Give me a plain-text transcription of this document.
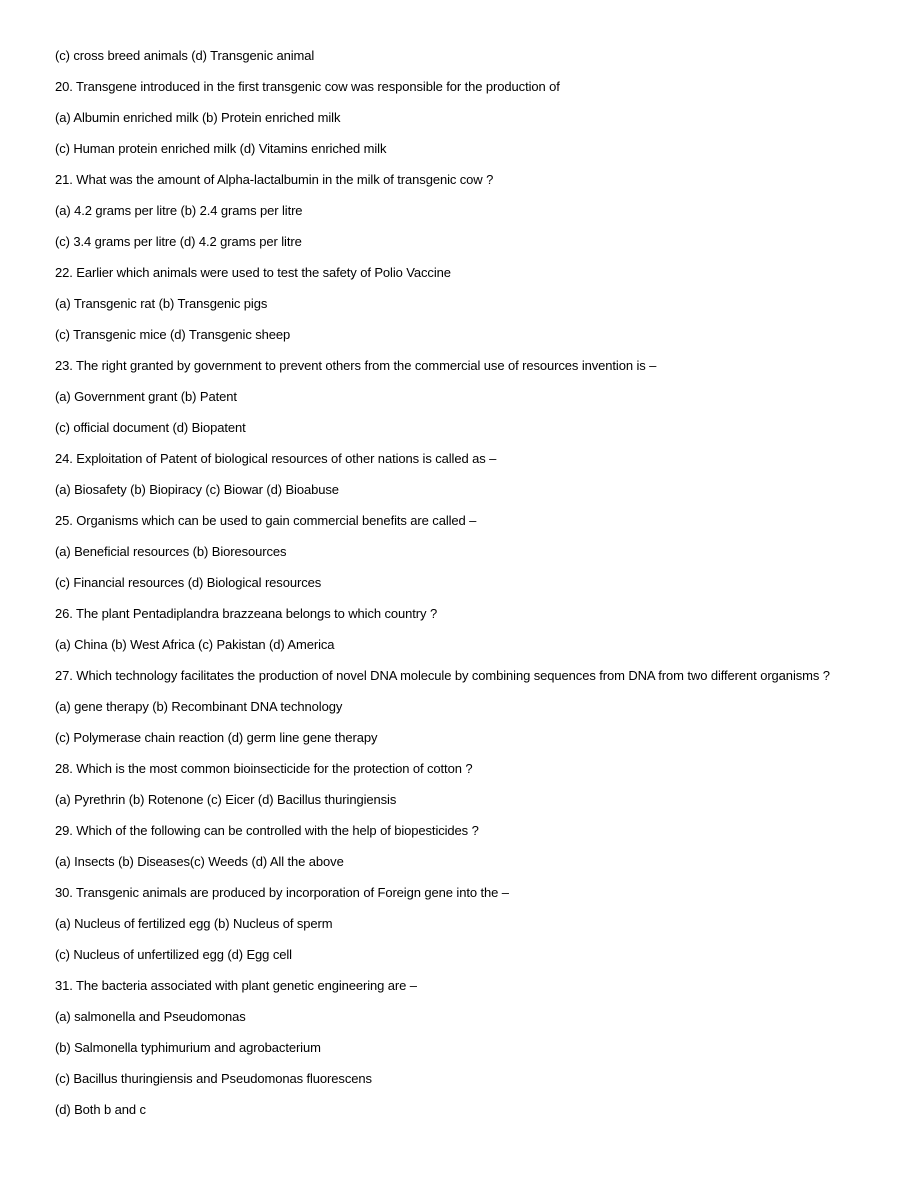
(c) cross breed animals (d) Transgenic animal

20. Transgene introduced in the first transgenic cow was responsible for the production of

(a) Albumin enriched milk (b) Protein enriched milk

(c) Human protein enriched milk (d) Vitamins enriched milk

21. What was the amount of Alpha-lactalbumin in the milk of transgenic cow ?

(a) 4.2 grams per litre (b) 2.4 grams per litre

(c) 3.4 grams per litre (d) 4.2 grams per litre

22. Earlier which animals were used to test the safety of Polio Vaccine

(a) Transgenic rat (b) Transgenic pigs

(c) Transgenic mice (d) Transgenic sheep

23. The right granted by government to prevent others from the commercial use of resources invention is –

(a) Government grant (b) Patent

(c) official document (d) Biopatent

24. Exploitation of Patent of biological resources of other nations is called as –

(a) Biosafety (b) Biopiracy (c) Biowar (d) Bioabuse

25. Organisms which can be used to gain commercial benefits are called –

(a) Beneficial resources (b) Bioresources

(c) Financial resources (d) Biological resources

26. The plant Pentadiplandra brazzeana belongs to which country ?

(a) China (b) West Africa (c) Pakistan (d) America

27. Which technology facilitates the production of novel DNA molecule by combining sequences from DNA from two different organisms ?

(a) gene therapy (b) Recombinant DNA technology

(c) Polymerase chain reaction (d) germ line gene therapy

28. Which is the most common bioinsecticide for the protection of cotton ?

(a) Pyrethrin (b) Rotenone (c) Eicer (d) Bacillus thuringiensis

29. Which of the following can be controlled with the help of biopesticides ?

(a) Insects (b) Diseases(c) Weeds (d) All the above

30. Transgenic animals are produced by incorporation of Foreign gene into the –

(a) Nucleus of fertilized egg (b) Nucleus of sperm

(c) Nucleus of unfertilized egg (d) Egg cell

31. The bacteria associated with plant genetic engineering are –

(a) salmonella and Pseudomonas

(b) Salmonella typhimurium and agrobacterium

(c) Bacillus thuringiensis and Pseudomonas fluorescens

(d) Both b and c
